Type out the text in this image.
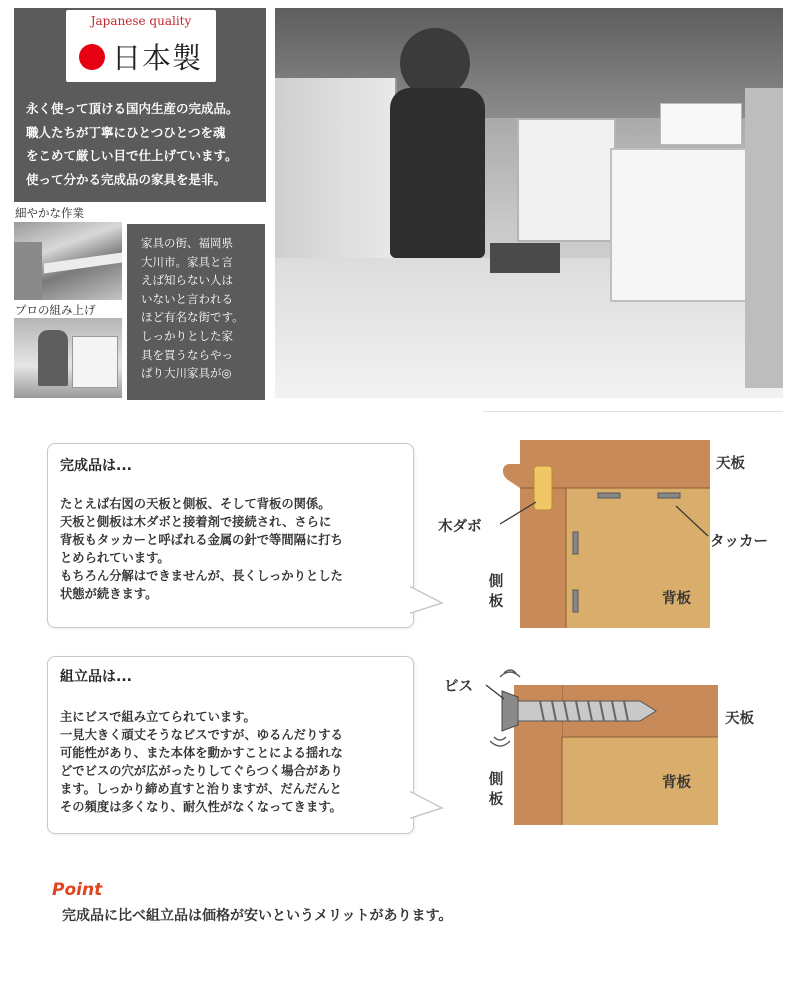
Japanese quality
日本製
永く使って頂ける国内生産の完成品。
職人たちが丁寧にひとつひとつを魂
をこめて厳しい目で仕上げています。
使って分かる完成品の家具を是非。
細やかな作業
プロの組み上げ
家具の街、福岡県
大川市。家具と言
えば知らない人は
いないと言われる
ほど有名な街です。
しっかりとした家
具を買うならやっ
ぱり大川家具が◎
完成品は...
たとえば右図の天板と側板、そして背板の関係。
天板と側板は木ダボと接着剤で接続され、さらに
背板もタッカーと呼ばれる金属の針で等間隔に打ち
とめられています。
もちろん分解はできませんが、長くしっかりとした
状態が続きます。
天板
木ダボ
タッカー
側
板	背板
組立品は...
主にビスで組み立てられています。
一見大きく頑丈そうなビスですが、ゆるんだりする
可能性があり、また本体を動かすことによる揺れな
どでビスの穴が広がったりしてぐらつく場合があり
ます。しっかり締め直すと治りますが、だんだんと
その頻度は多くなり、耐久性がなくなってきます。
ビス
天板
側
板
背板
Point
完成品に比べ組立品は価格が安いというメリットがあります。
